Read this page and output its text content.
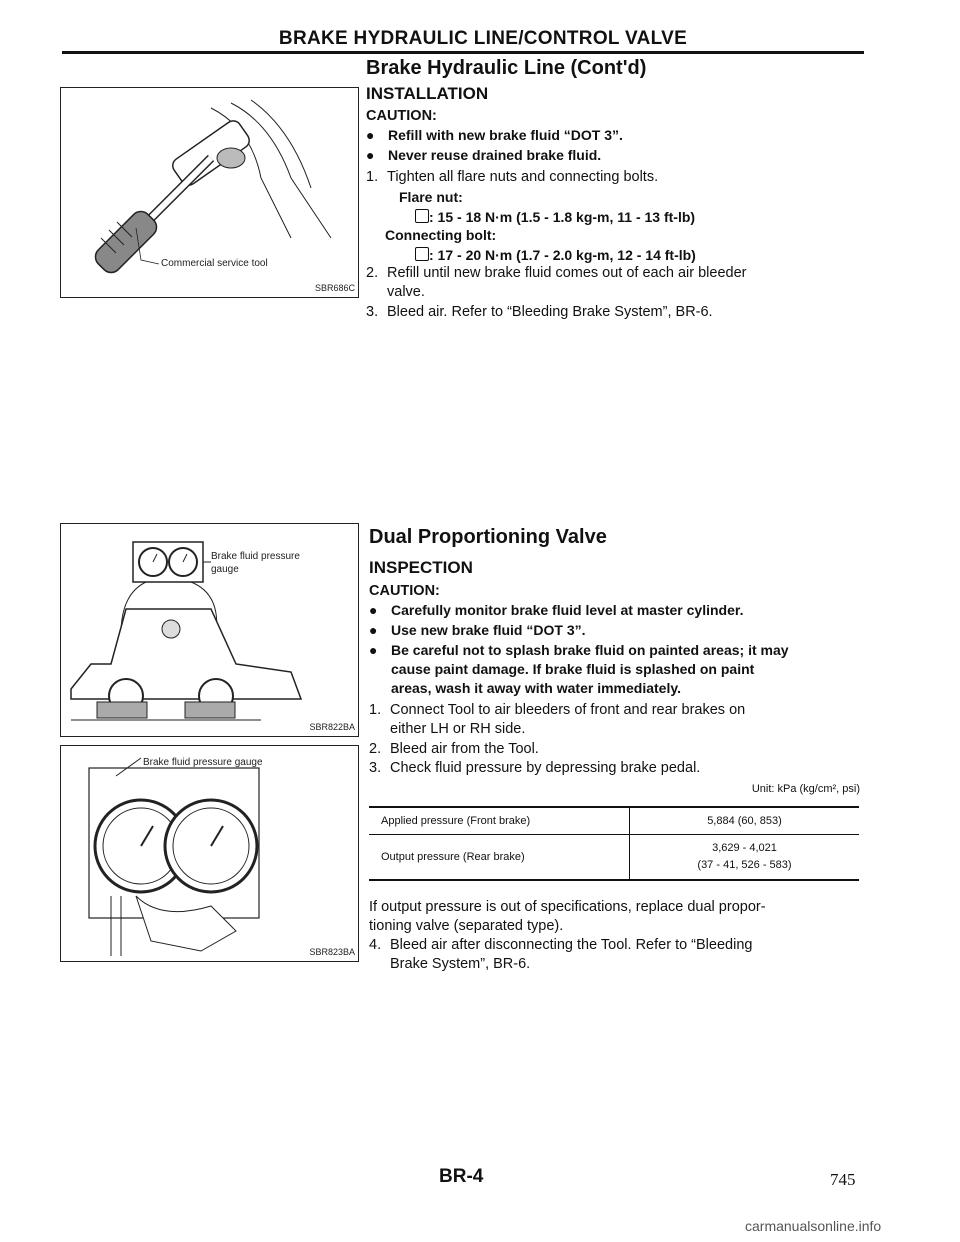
BRAKE HYDRAULIC LINE/CONTROL VALVE
Commercial service tool
SBR686C
Brake Hydraulic Line (Cont'd)
INSTALLATION
CAUTION:
● Refill with new brake fluid “DOT 3”.
● Never reuse drained brake fluid.
1. Tighten all flare nuts and connecting bolts.
Flare nut:
: 15 - 18 N·m (1.5 - 1.8 kg-m, 11 - 13 ft-lb)
Connecting bolt:
: 17 - 20 N·m (1.7 - 2.0 kg-m, 12 - 14 ft-lb)
2. Refill until new brake fluid comes out of each air bleeder
valve.
3. Bleed air. Refer to “Bleeding Brake System”, BR-6.
Brake fluid pressure
gauge
SBR822BA
Brake fluid pressure gauge
SBR823BA
Dual Proportioning Valve
INSPECTION
CAUTION:
● Carefully monitor brake fluid level at master cylinder.
● Use new brake fluid “DOT 3”.
● Be careful not to splash brake fluid on painted areas; it may
cause paint damage. If brake fluid is splashed on paint
areas, wash it away with water immediately.
1. Connect Tool to air bleeders of front and rear brakes on
either LH or RH side.
2. Bleed air from the Tool.
3. Check fluid pressure by depressing brake pedal.
Unit: kPa (kg/cm², psi)
Applied pressure (Front brake)	5,884 (60, 853)
Output pressure (Rear brake)
3,629 - 4,021
(37 - 41, 526 - 583)
If output pressure is out of specifications, replace dual propor-
tioning valve (separated type).
4. Bleed air after disconnecting the Tool. Refer to “Bleeding
Brake System”, BR-6.
BR-4	745
carmanualsonline.info
